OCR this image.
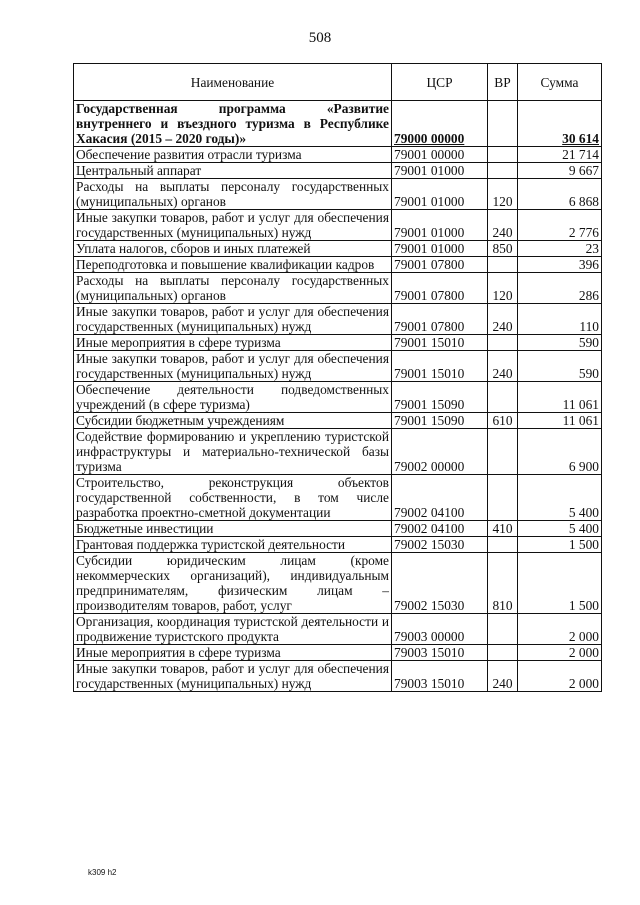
508
Наименование	ЦСР	ВР	Сумма
Государственная программа «Развитие внутреннего и въездного туризма в Республике Хакасия (2015 – 2020 годы)»	79000 00000		30 614
Обеспечение развития отрасли туризма	79001 00000		21 714
Центральный аппарат	79001 01000		9 667
Расходы на выплаты персоналу государственных (муниципальных) органов	79001 01000	120	6 868
Иные закупки товаров, работ и услуг для обеспечения государственных (муниципальных) нужд	79001 01000	240	2 776
Уплата налогов, сборов и иных платежей	79001 01000	850	23
Переподготовка и повышение квалификации кадров	79001 07800		396
Расходы на выплаты персоналу государственных (муниципальных) органов	79001 07800	120	286
Иные закупки товаров, работ и услуг для обеспечения государственных (муниципальных) нужд	79001 07800	240	110
Иные мероприятия в сфере туризма	79001 15010		590
Иные закупки товаров, работ и услуг для обеспечения государственных (муниципальных) нужд	79001 15010	240	590
Обеспечение деятельности подведомственных учреждений (в сфере туризма)	79001 15090		11 061
Субсидии бюджетным учреждениям	79001 15090	610	11 061
Содействие формированию и укреплению туристской инфраструктуры и материально-технической базы туризма	79002 00000		6 900
Строительство, реконструкция объектов государственной собственности, в том числе разработка проектно-сметной документации	79002 04100		5 400
Бюджетные инвестиции	79002 04100	410	5 400
Грантовая поддержка туристской деятельности	79002 15030		1 500
Субсидии юридическим лицам (кроме некоммерческих организаций), индивидуальным предпринимателям, физическим лицам – производителям товаров, работ, услуг	79002 15030	810	1 500
Организация, координация туристской деятельности и продвижение туристского продукта	79003 00000		2 000
Иные мероприятия в сфере туризма	79003 15010		2 000
Иные закупки товаров, работ и услуг для обеспечения государственных (муниципальных) нужд	79003 15010	240	2 000
k309 h2
